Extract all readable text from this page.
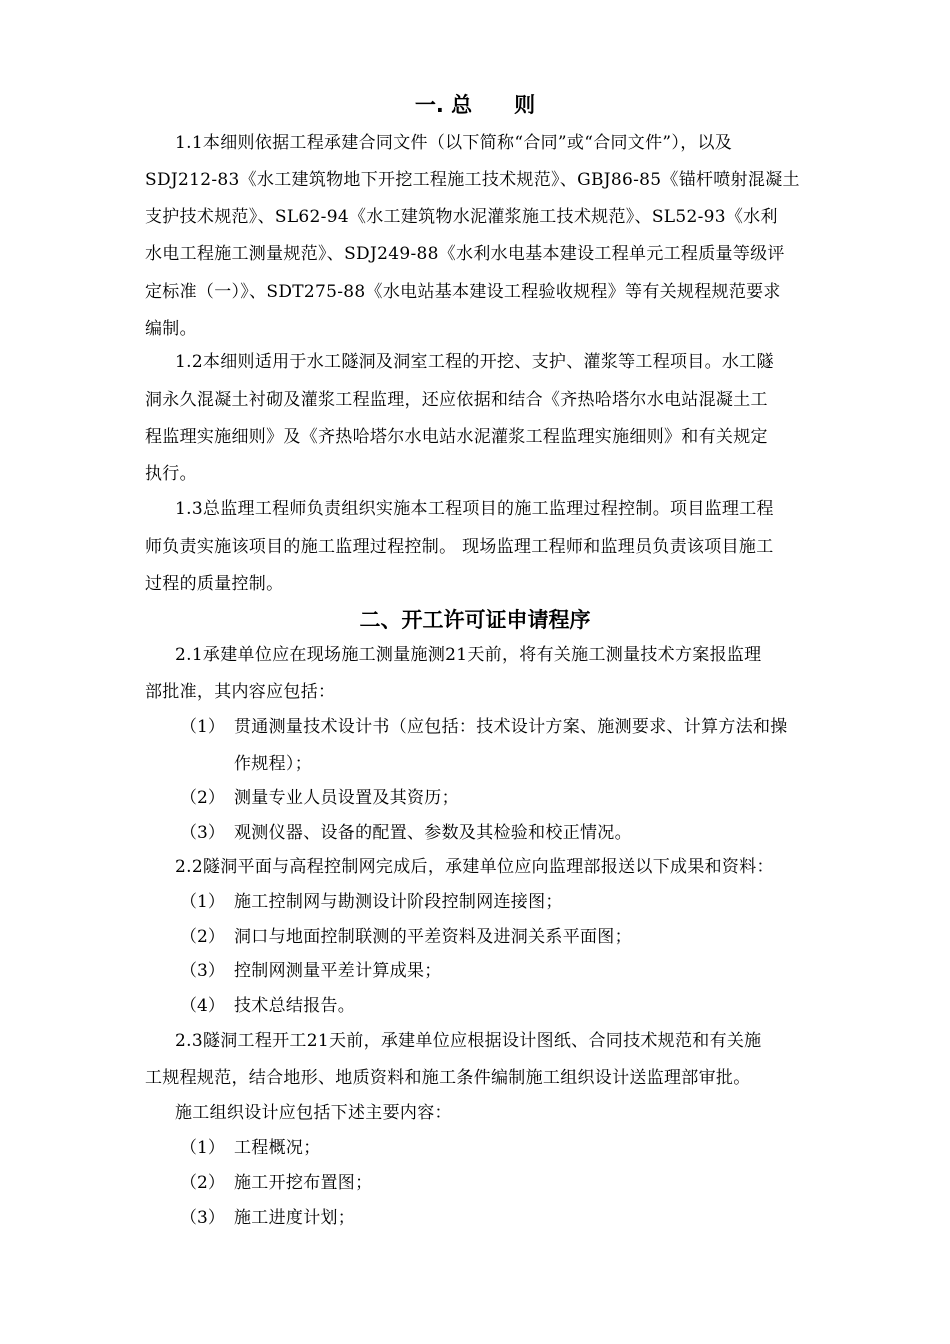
一. 总　　则
1.1本细则依据工程承建合同文件（以下简称“合同”或“合同文件”），以及
SDJ212-83《水工建筑物地下开挖工程施工技术规范》、GBJ86-85《锚杆喷射混凝土
支护技术规范》、SL62-94《水工建筑物水泥灌浆施工技术规范》、SL52-93《水利
水电工程施工测量规范》、SDJ249-88《水利水电基本建设工程单元工程质量等级评
定标准（一）》、SDT275-88《水电站基本建设工程验收规程》等有关规程规范要求
编制。
1.2本细则适用于水工隧洞及洞室工程的开挖、支护、灌浆等工程项目。水工隧
洞永久混凝土衬砌及灌浆工程监理，还应依据和结合《齐热哈塔尔水电站混凝土工
程监理实施细则》及《齐热哈塔尔水电站水泥灌浆工程监理实施细则》和有关规定
执行。
1.3总监理工程师负责组织实施本工程项目的施工监理过程控制。项目监理工程
师负责实施该项目的施工监理过程控制。 现场监理工程师和监理员负责该项目施工
过程的质量控制。
二、开工许可证申请程序
2.1承建单位应在现场施工测量施测21天前，将有关施工测量技术方案报监理
部批准，其内容应包括：
（1） 贯通测量技术设计书（应包括：技术设计方案、施测要求、计算方法和操
作规程）；
（2） 测量专业人员设置及其资历；
（3） 观测仪器、设备的配置、参数及其检验和校正情况。
2.2隧洞平面与高程控制网完成后，承建单位应向监理部报送以下成果和资料：
（1） 施工控制网与勘测设计阶段控制网连接图；
（2） 洞口与地面控制联测的平差资料及进洞关系平面图；
（3） 控制网测量平差计算成果；
（4） 技术总结报告。
2.3隧洞工程开工21天前，承建单位应根据设计图纸、合同技术规范和有关施
工规程规范，结合地形、地质资料和施工条件编制施工组织设计送监理部审批。
施工组织设计应包括下述主要内容：
（1） 工程概况；
（2） 施工开挖布置图；
（3） 施工进度计划；
